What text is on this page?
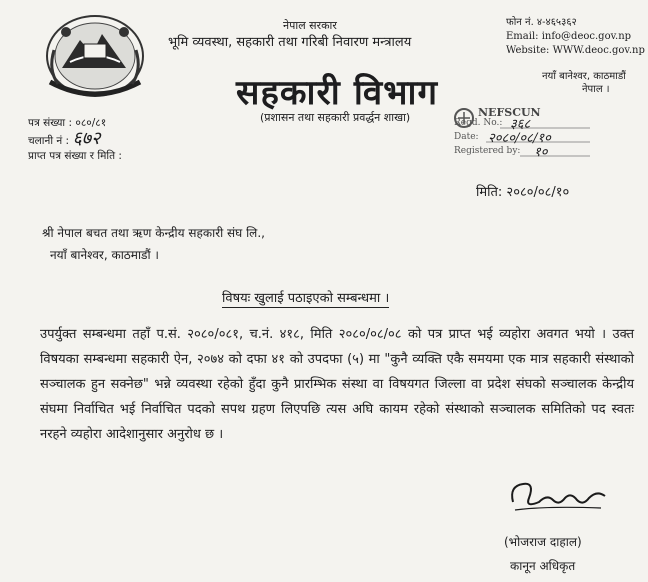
नेपाल सरकार
भूमि व्यवस्था, सहकारी तथा गरिबी निवारण मन्त्रालय
सहकारी विभाग
(प्रशासन तथा सहकारी प्रवर्द्धन शाखा)
फोन नं. ४-४६५३६२
Email: info@deoc.gov.np
Website: WWW.deoc.gov.np
नयाँ बानेश्वर, काठमाडौं
नेपाल ।
पत्र संख्या : ०८०/८१
चलानी नं : ६७२
प्राप्त पत्र संख्या र मिति :
NEFSCUN
Regd. No.: ३६८
Date: २०८०/०८/१०
Registered by: १०
मिति: २०८०/०८/१०
श्री नेपाल बचत तथा ऋण केन्द्रीय सहकारी संघ लि.,
नयाँ बानेश्वर, काठमाडौं ।
विषयः खुलाई पठाइएको सम्बन्धमा ।

उपर्युक्त सम्बन्धमा तहाँ प.सं. २०८०/०८१, च.नं. ४१८, मिति २०८०/०८/०८ को पत्र प्राप्त भई व्यहोरा अवगत भयो । उक्त विषयका सम्बन्धमा सहकारी ऐन, २०७४ को दफा ४१ को उपदफा (५) मा "कुनै व्यक्ति एकै समयमा एक मात्र सहकारी संस्थाको सञ्चालक हुन सक्नेछ" भन्ने व्यवस्था रहेको हुँदा कुनै प्रारम्भिक संस्था वा विषयगत जिल्ला वा प्रदेश संघको सञ्चालक केन्द्रीय संघमा निर्वाचित भई निर्वाचित पदको सपथ ग्रहण लिएपछि त्यस अघि कायम रहेको संस्थाको सञ्चालक समितिको पद स्वतः नरहने व्यहोरा आदेशानुसार अनुरोध छ ।

(भोजराज दाहाल)
कानून अधिकृत
